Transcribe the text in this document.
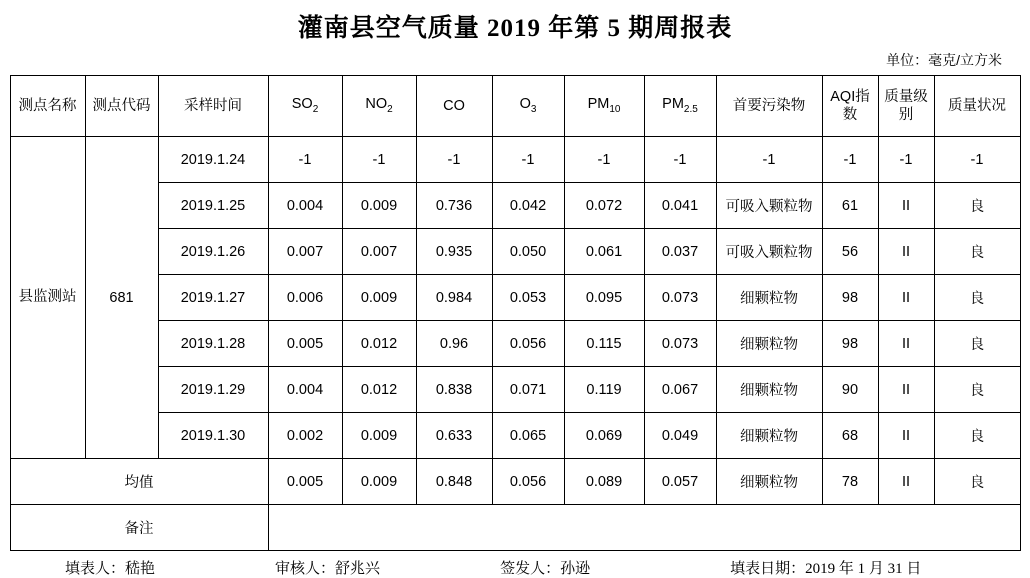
灌南县空气质量 2019 年第 5 期周报表
单位：毫克/立方米
测点名称	测点代码	采样时间	$SO_2$	$NO_2$	CO	$O_3$	$PM_{10}$	$PM_{2.5}$	首要污染物	AQI指数	质量级别	质量状况
县监测站	681	2019.1.24	-1	-1	-1	-1	-1	-1	-1	-1	-1	-1
		2019.1.25	0.004	0.009	0.736	0.042	0.072	0.041	可吸入颗粒物	61	II	良
		2019.1.26	0.007	0.007	0.935	0.050	0.061	0.037	可吸入颗粒物	56	II	良
		2019.1.27	0.006	0.009	0.984	0.053	0.095	0.073	细颗粒物	98	II	良
		2019.1.28	0.005	0.012	0.96	0.056	0.115	0.073	细颗粒物	98	II	良
		2019.1.29	0.004	0.012	0.838	0.071	0.119	0.067	细颗粒物	90	II	良
		2019.1.30	0.002	0.009	0.633	0.065	0.069	0.049	细颗粒物	68	II	良
均值			0.005	0.009	0.848	0.056	0.089	0.057	细颗粒物	78	II	良
备注												
填表人：嵇艳	审核人：舒兆兴	签发人：孙逊	填表日期：2019 年 1 月 31 日
